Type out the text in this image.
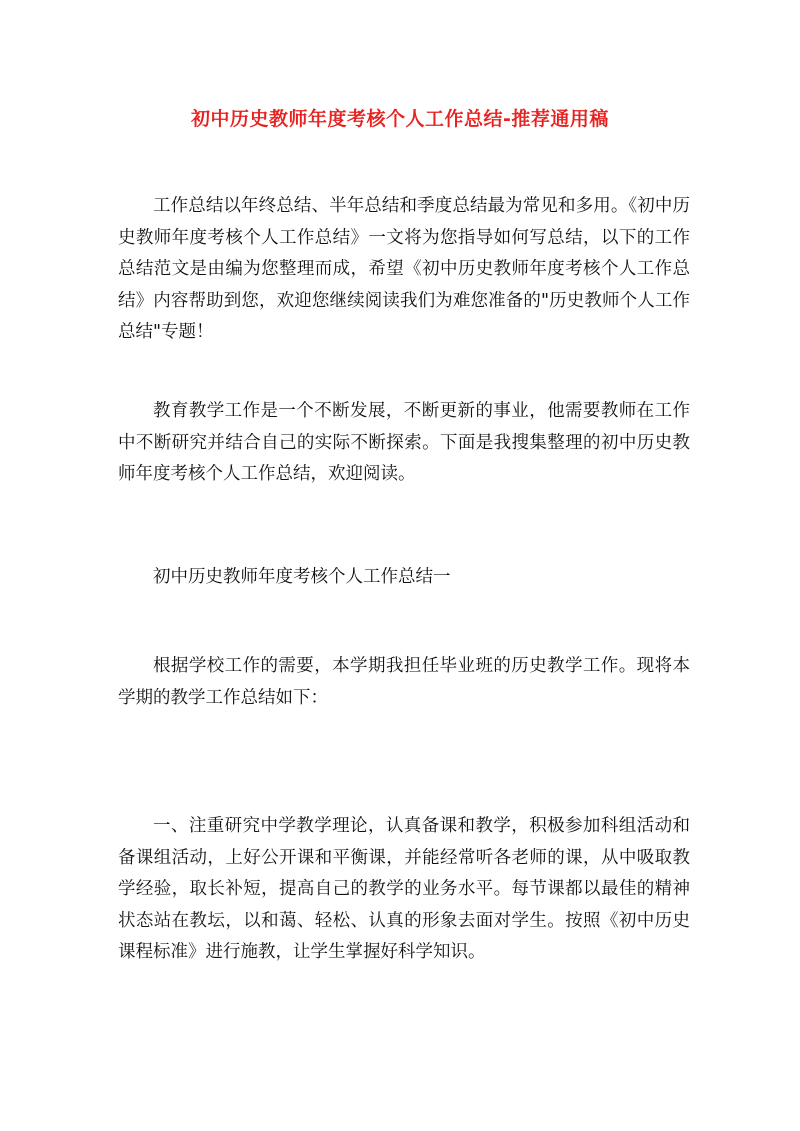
初中历史教师年度考核个人工作总结-推荐通用稿
工作总结以年终总结、半年总结和季度总结最为常见和多用。《初中历史教师年度考核个人工作总结》一文将为您指导如何写总结，以下的工作总结范文是由编为您整理而成，希望《初中历史教师年度考核个人工作总结》内容帮助到您，欢迎您继续阅读我们为难您准备的"历史教师个人工作总结"专题！
教育教学工作是一个不断发展，不断更新的事业，他需要教师在工作中不断研究并结合自己的实际不断探索。下面是我搜集整理的初中历史教师年度考核个人工作总结，欢迎阅读。
初中历史教师年度考核个人工作总结一
根据学校工作的需要，本学期我担任毕业班的历史教学工作。现将本学期的教学工作总结如下：
一、注重研究中学教学理论，认真备课和教学，积极参加科组活动和备课组活动，上好公开课和平衡课，并能经常听各老师的课，从中吸取教学经验，取长补短，提高自己的教学的业务水平。每节课都以最佳的精神状态站在教坛，以和蔼、轻松、认真的形象去面对学生。按照《初中历史课程标准》进行施教，让学生掌握好科学知识。
